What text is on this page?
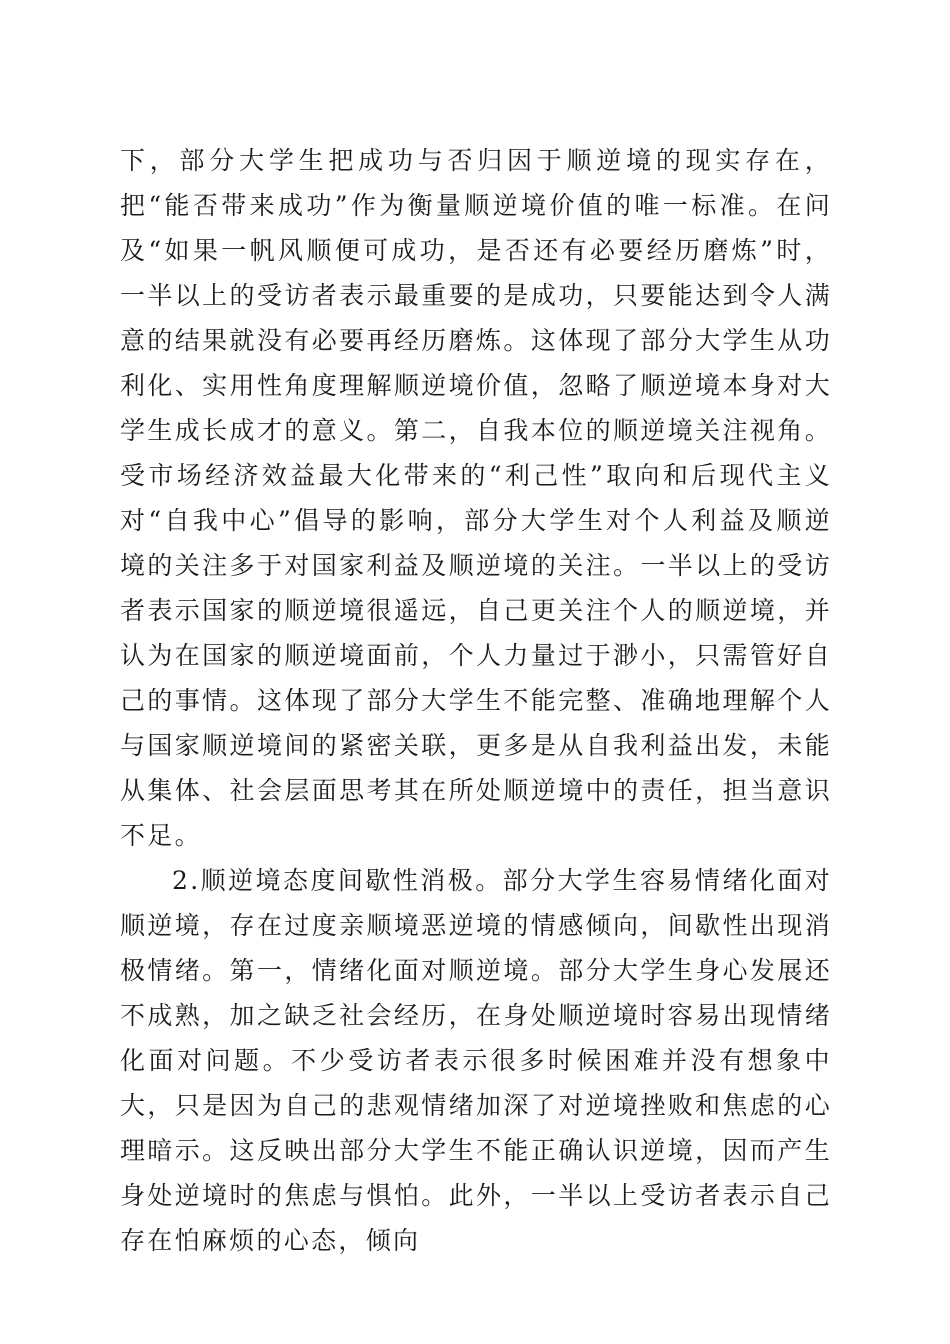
下，部分大学生把成功与否归因于顺逆境的现实存在，把“能否带来成功”作为衡量顺逆境价值的唯一标准。在问及“如果一帆风顺便可成功，是否还有必要经历磨炼”时，一半以上的受访者表示最重要的是成功，只要能达到令人满意的结果就没有必要再经历磨炼。这体现了部分大学生从功利化、实用性角度理解顺逆境价值，忽略了顺逆境本身对大学生成长成才的意义。第二，自我本位的顺逆境关注视角。受市场经济效益最大化带来的“利己性”取向和后现代主义对“自我中心”倡导的影响，部分大学生对个人利益及顺逆境的关注多于对国家利益及顺逆境的关注。一半以上的受访者表示国家的顺逆境很遥远，自己更关注个人的顺逆境，并认为在国家的顺逆境面前，个人力量过于渺小，只需管好自己的事情。这体现了部分大学生不能完整、准确地理解个人与国家顺逆境间的紧密关联，更多是从自我利益出发，未能从集体、社会层面思考其在所处顺逆境中的责任，担当意识不足。

2.顺逆境态度间歇性消极。部分大学生容易情绪化面对顺逆境，存在过度亲顺境恶逆境的情感倾向，间歇性出现消极情绪。第一，情绪化面对顺逆境。部分大学生身心发展还不成熟，加之缺乏社会经历，在身处顺逆境时容易出现情绪化面对问题。不少受访者表示很多时候困难并没有想象中大，只是因为自己的悲观情绪加深了对逆境挫败和焦虑的心理暗示。这反映出部分大学生不能正确认识逆境，因而产生身处逆境时的焦虑与惧怕。此外，一半以上受访者表示自己存在怕麻烦的心态，倾向
